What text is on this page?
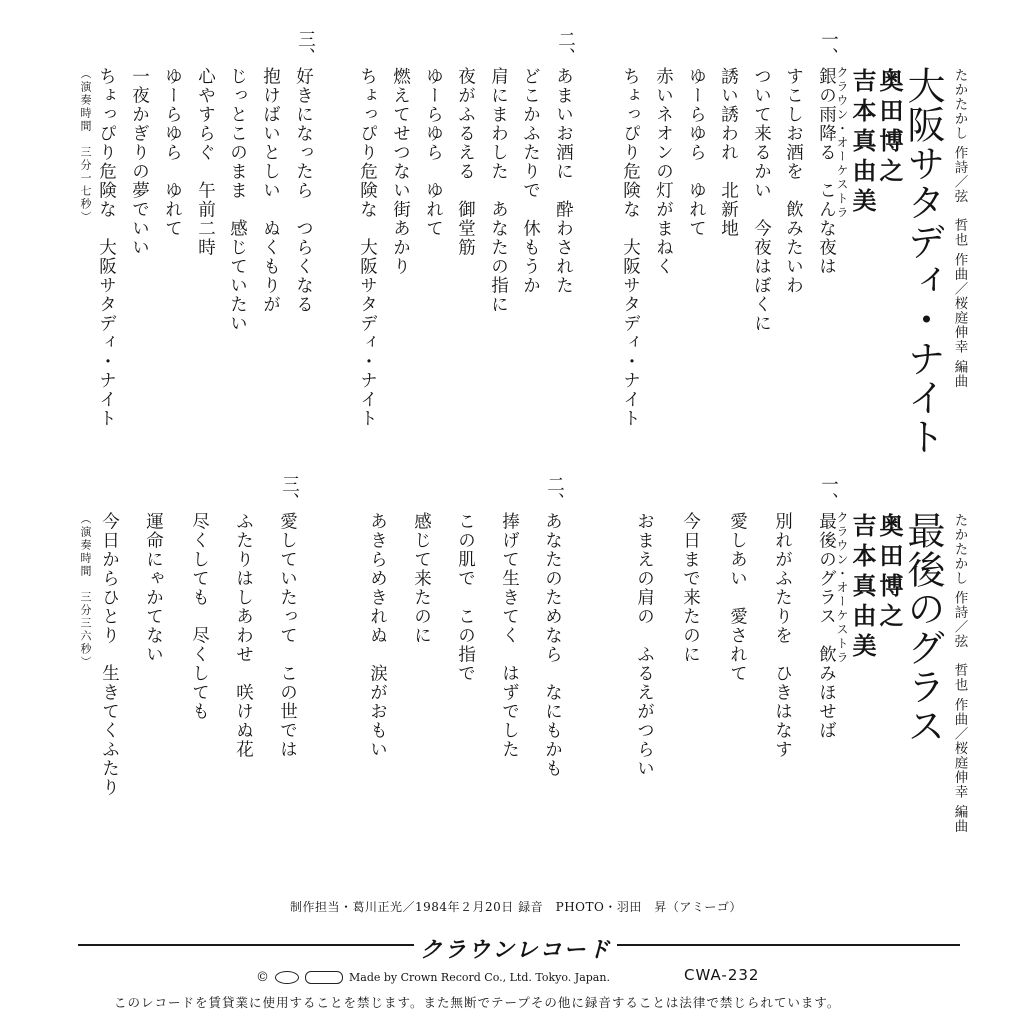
たかたかし 作詩／弦　哲也 作曲／桜庭伸幸 編曲
大阪サタディ・ナイト
奥田博之
吉本真由美
クラウン・オーケストラ
一、
銀の雨降る　こんな夜は
すこしお酒を　飲みたいわ
ついて来るかい　今夜はぼくに
誘い誘われ　北新地
ゆーらゆら　ゆれて
赤いネオンの灯がまねく
ちょっぴり危険な　大阪サタディ・ナイト
二、
あまいお酒に　酔わされた
どこかふたりで　休もうか
肩にまわした　あなたの指に
夜がふるえる　御堂筋
ゆーらゆら　ゆれて
燃えてせつない街あかり
ちょっぴり危険な　大阪サタディ・ナイト
三、
好きになったら　つらくなる
抱けばいとしい　ぬくもりが
じっとこのまま　感じていたい
心やすらぐ　午前二時
ゆーらゆら　ゆれて
一夜かぎりの夢でいい
ちょっぴり危険な　大阪サタディ・ナイト
（演奏時間　三分一七秒）
たかたかし 作詩／弦　哲也 作曲／桜庭伸幸 編曲
最後のグラス
奥田博之
吉本真由美
クラウン・オーケストラ
一、
最後のグラス　飲みほせば
別れがふたりを　ひきはなす
愛しあい　愛されて
今日まで来たのに
おまえの肩の　ふるえがつらい
二、
あなたのためなら　なにもかも
捧げて生きてく　はずでした
この肌で　この指で
感じて来たのに
あきらめきれぬ　涙がおもい
三、
愛していたって　この世では
ふたりはしあわせ　咲けぬ花
尽くしても　尽くしても
運命にゃかてない
今日からひとり　生きてくふたり
（演奏時間　三分三六秒）
制作担当・葛川正光／1984年２月20日 録音　PHOTO・羽田　昇（アミーゴ）
クラウンレコード
©	Made by Crown Record Co., Ltd. Tokyo. Japan.	CWA-232
このレコードを賃貸業に使用することを禁じます。また無断でテープその他に録音することは法律で禁じられています。
